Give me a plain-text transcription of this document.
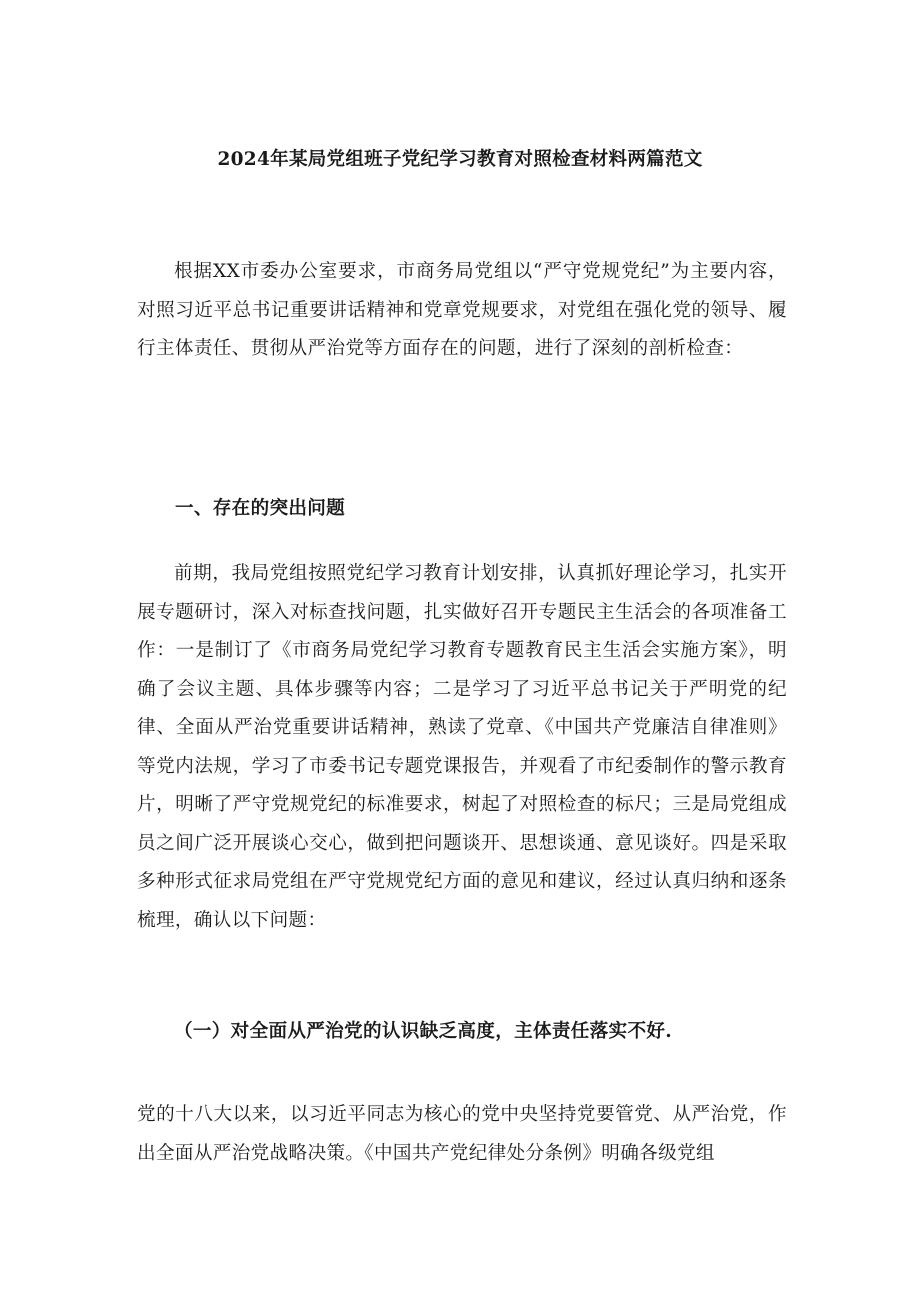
2024年某局党组班子党纪学习教育对照检查材料两篇范文

根据XX市委办公室要求，市商务局党组以“严守党规党纪”为主要内容，对照习近平总书记重要讲话精神和党章党规要求，对党组在强化党的领导、履行主体责任、贯彻从严治党等方面存在的问题，进行了深刻的剖析检查：

一、存在的突出问题

前期，我局党组按照党纪学习教育计划安排，认真抓好理论学习，扎实开展专题研讨，深入对标查找问题，扎实做好召开专题民主生活会的各项准备工作：一是制订了《市商务局党纪学习教育专题教育民主生活会实施方案》，明确了会议主题、具体步骤等内容；二是学习了习近平总书记关于严明党的纪律、全面从严治党重要讲话精神，熟读了党章、《中国共产党廉洁自律准则》等党内法规，学习了市委书记专题党课报告，并观看了市纪委制作的警示教育片，明晰了严守党规党纪的标准要求，树起了对照检查的标尺；三是局党组成员之间广泛开展谈心交心，做到把问题谈开、思想谈通、意见谈好。四是采取多种形式征求局党组在严守党规党纪方面的意见和建议，经过认真归纳和逐条梳理，确认以下问题：

（一）对全面从严治党的认识缺乏高度，主体责任落实不好.

党的十八大以来，以习近平同志为核心的党中央坚持党要管党、从严治党，作出全面从严治党战略决策。《中国共产党纪律处分条例》明确各级党组
